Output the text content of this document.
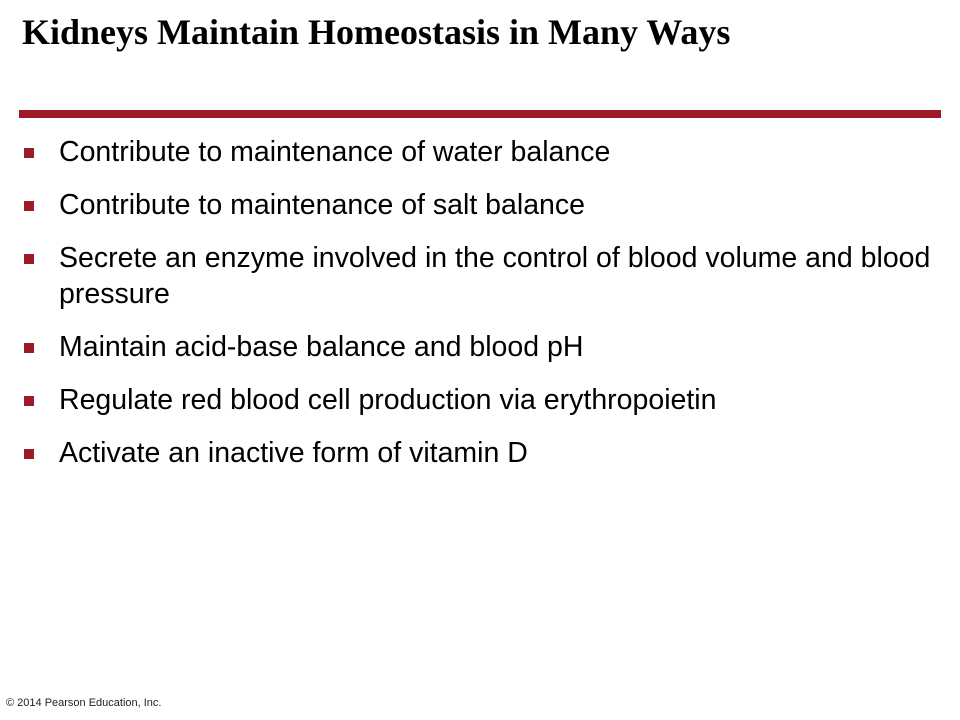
Kidneys Maintain Homeostasis in Many Ways
Contribute to maintenance of water balance
Contribute to maintenance of salt balance
Secrete an enzyme involved in the control of blood volume and blood pressure
Maintain acid-base balance and blood pH
Regulate red blood cell production via erythropoietin
Activate an inactive form of vitamin D
© 2014 Pearson Education, Inc.
